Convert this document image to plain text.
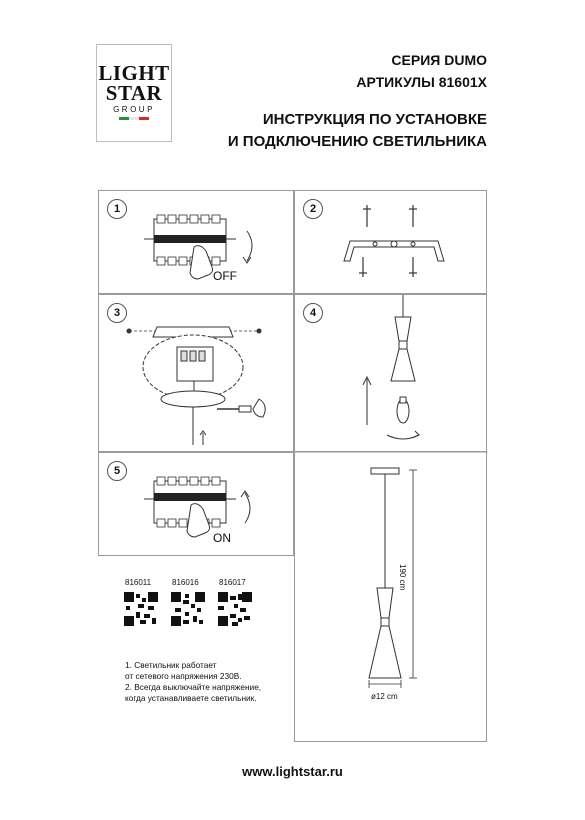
LIGHT
STAR
GROUP
СЕРИЯ DUMO
АРТИКУЛЫ 81601X
ИНСТРУКЦИЯ ПО УСТАНОВКЕ
И ПОДКЛЮЧЕНИЮ СВЕТИЛЬНИКА
1
OFF
2
3	4
5
ON
190 cm
ø12 cm
816011	816016	816017
1. Светильник работает
от сетевого напряжения 230В.
2. Всегда выключайте напряжение,
когда устанавливаете светильник.
www.lightstar.ru
